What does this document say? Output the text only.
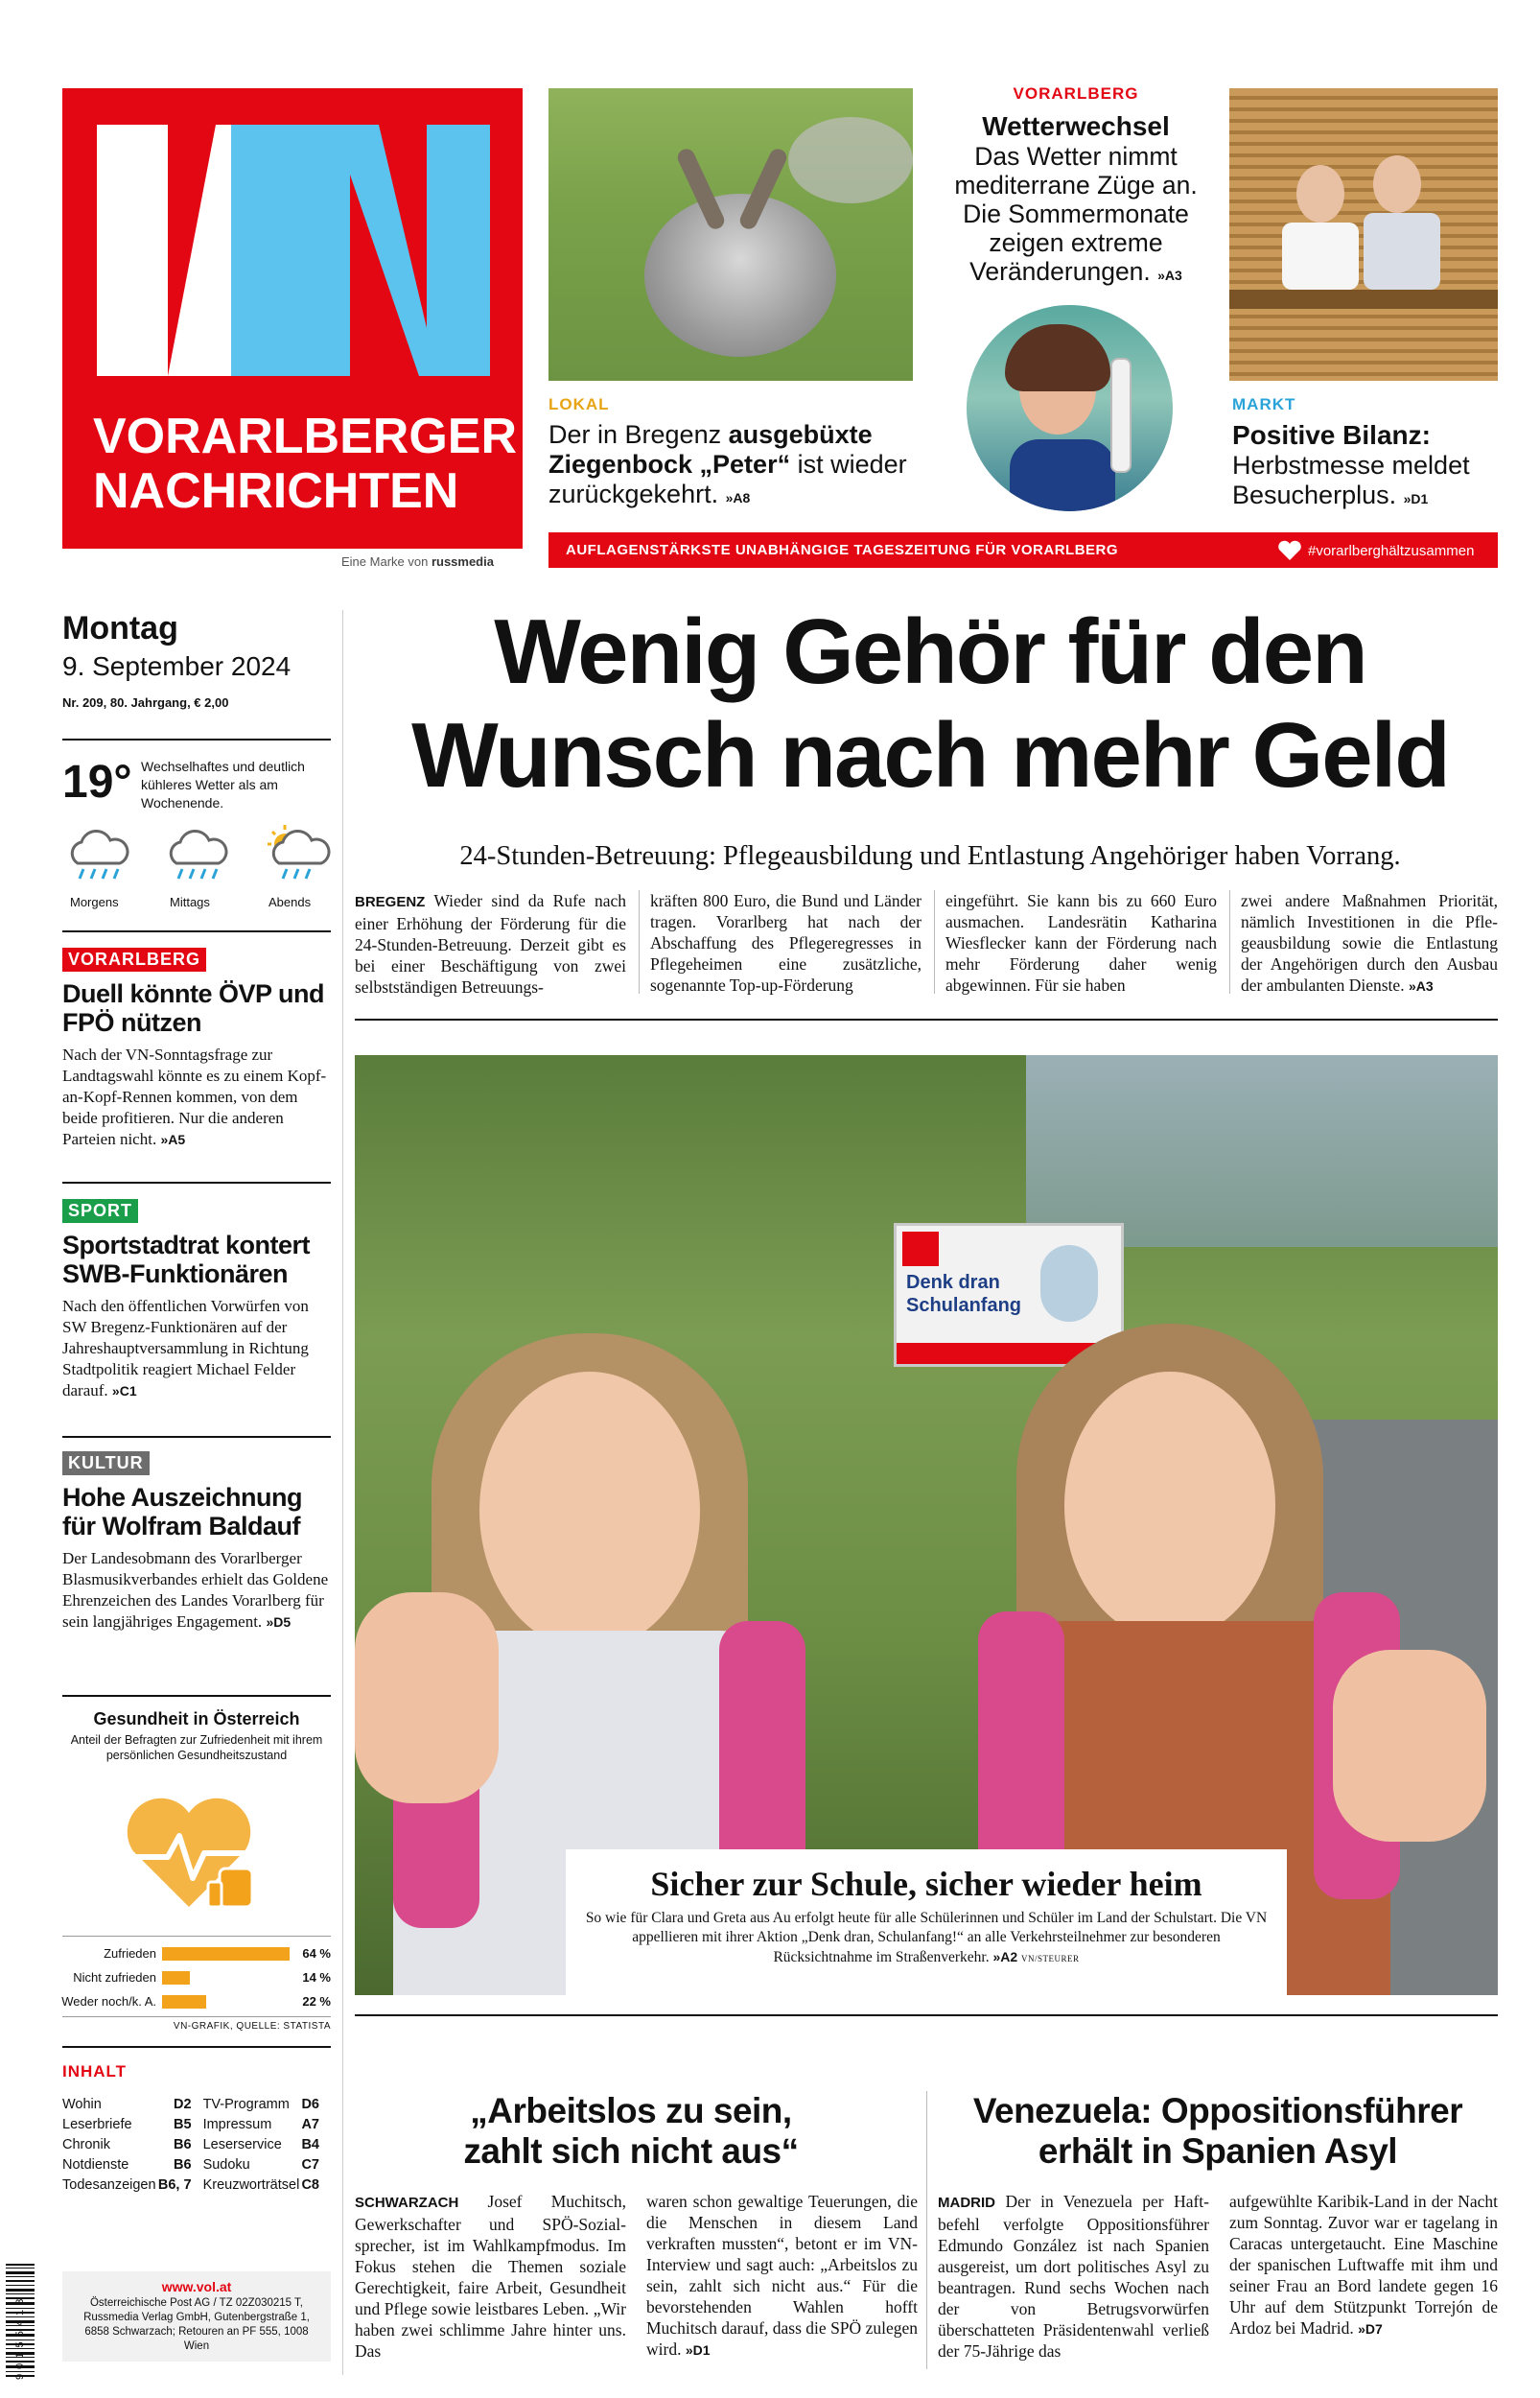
VORARLBERGER
NACHRICHTEN
Eine Marke von russmedia
LOKAL
Der in Bregenz ausgebüxte Ziegenbock „Peter“ ist wieder zurückgekehrt. »A8
VORARLBERG
Wetterwechsel
Das Wetter nimmt mediterrane Züge an. Die Sommermonate zeigen extreme Veränderungen. »A3
MARKT
Positive Bilanz:
Herbstmesse meldet Besucherplus. »D1
AUFLAGENSTÄRKSTE UNABHÄNGIGE TAGESZEITUNG FÜR VORARLBERG	#vorarlberghältzusammen
Montag
9. September 2024
Nr. 209, 80. Jahrgang, € 2,00
19° Wechselhaftes und deutlich kühleres Wetter als am Wochenende.
Morgens	Mittags	Abends
VORARLBERG
Duell könnte ÖVP und FPÖ nützen
Nach der VN-Sonntagsfrage zur Landtagswahl könnte es zu einem Kopf-an-Kopf-Rennen kommen, von dem beide profitieren. Nur die anderen Parteien nicht. »A5
SPORT
Sportstadtrat kontert SWB-Funktionären
Nach den öffentlichen Vorwürfen von SW Bregenz-Funktionären auf der Jahreshauptversammlung in Richtung Stadtpolitik reagiert Michael Felder darauf. »C1
KULTUR
Hohe Auszeichnung für Wolfram Baldauf
Der Landesobmann des Vorarlberger Blasmusikverbandes erhielt das Goldene Ehrenzeichen des Landes Vorarlberg für sein langjähriges Engagement. »D5
Gesundheit in Österreich
Anteil der Befragten zur Zufriedenheit mit ihrem persönlichen Gesundheitszustand
Zufrieden	64 %
Nicht zufrieden	14 %
Weder noch/k. A.	22 %
VN-GRAFIK, QUELLE: STATISTA
INHALT
Wohin	D2	TV-Programm	D6
Leserbriefe	B5	Impressum	A7
Chronik	B6	Leserservice	B4
Notdienste	B6	Sudoku	C7
Todesanzeigen	B6, 7	Kreuzworträtsel	C8
9 0 1 5 5 4 1 3
www.vol.at
Österreichische Post AG / TZ 02Z030215 T, Russmedia Verlag GmbH, Gutenbergstraße 1, 6858 Schwarzach; Retouren an PF 555, 1008 Wien
Wenig Gehör für den
Wunsch nach mehr Geld
24-Stunden-Betreuung: Pflegeausbildung und Entlastung Angehöriger haben Vorrang.
BREGENZ Wieder sind da Rufe nach einer Erhöhung der Förderung für die 24-Stunden-Betreuung. Derzeit gibt es bei einer Beschäftigung von zwei selbstständigen Betreuungs-
kräften 800 Euro, die Bund und Länder tragen. Vorarlberg hat nach der Abschaffung des Pflegeregresses in Pflegeheimen eine zusätzliche, sogenannte Top-up-Förderung
eingeführt. Sie kann bis zu 660 Euro ausmachen. Landesrätin Katharina Wiesflecker kann der Förderung nach mehr Förderung daher wenig abgewinnen. Für sie haben
zwei andere Maßnahmen Priorität, nämlich Investitionen in die Pflegeausbildung sowie die Entlastung der Angehörigen durch den Ausbau der ambulanten Dienste. »A3
Denk dran
Schulanfang
Sicher zur Schule, sicher wieder heim
So wie für Clara und Greta aus Au erfolgt heute für alle Schülerinnen und Schüler im Land der Schulstart. Die VN appellieren mit ihrer Aktion „Denk dran, Schulanfang!“ an alle Verkehrsteilnehmer zur besonderen Rücksichtnahme im Straßenverkehr. »A2 VN/STEURER
„Arbeitslos zu sein,
zahlt sich nicht aus“
SCHWARZACH Josef Muchitsch, Gewerkschafter und SPÖ-Sozialsprecher, ist im Wahlkampfmodus. Im Fokus stehen die Themen soziale Gerechtigkeit, faire Arbeit, Gesundheit und Pflege sowie leistbares Leben. „Wir haben zwei schlimme Jahre hinter uns. Das
waren schon gewaltige Teuerungen, die die Menschen in diesem Land verkraften mussten“, betont er im VN-Interview und sagt auch: „Arbeitslos zu sein, zahlt sich nicht aus.“ Für die bevorstehenden Wahlen hofft Muchitsch darauf, dass die SPÖ zulegen wird. »D1
Venezuela: Oppositionsführer
erhält in Spanien Asyl
MADRID Der in Venezuela per Haftbefehl verfolgte Oppositionsführer Edmundo González ist nach Spanien ausgereist, um dort politisches Asyl zu beantragen. Rund sechs Wochen nach der von Betrugsvorwürfen überschatteten Präsidentenwahl verließ der 75-Jährige das
aufgewühlte Karibik-Land in der Nacht zum Sonntag. Zuvor war er tagelang in Caracas untergetaucht. Eine Maschine der spanischen Luftwaffe mit ihm und seiner Frau an Bord landete gegen 16 Uhr auf dem Stützpunkt Torrejón de Ardoz bei Madrid. »D7
